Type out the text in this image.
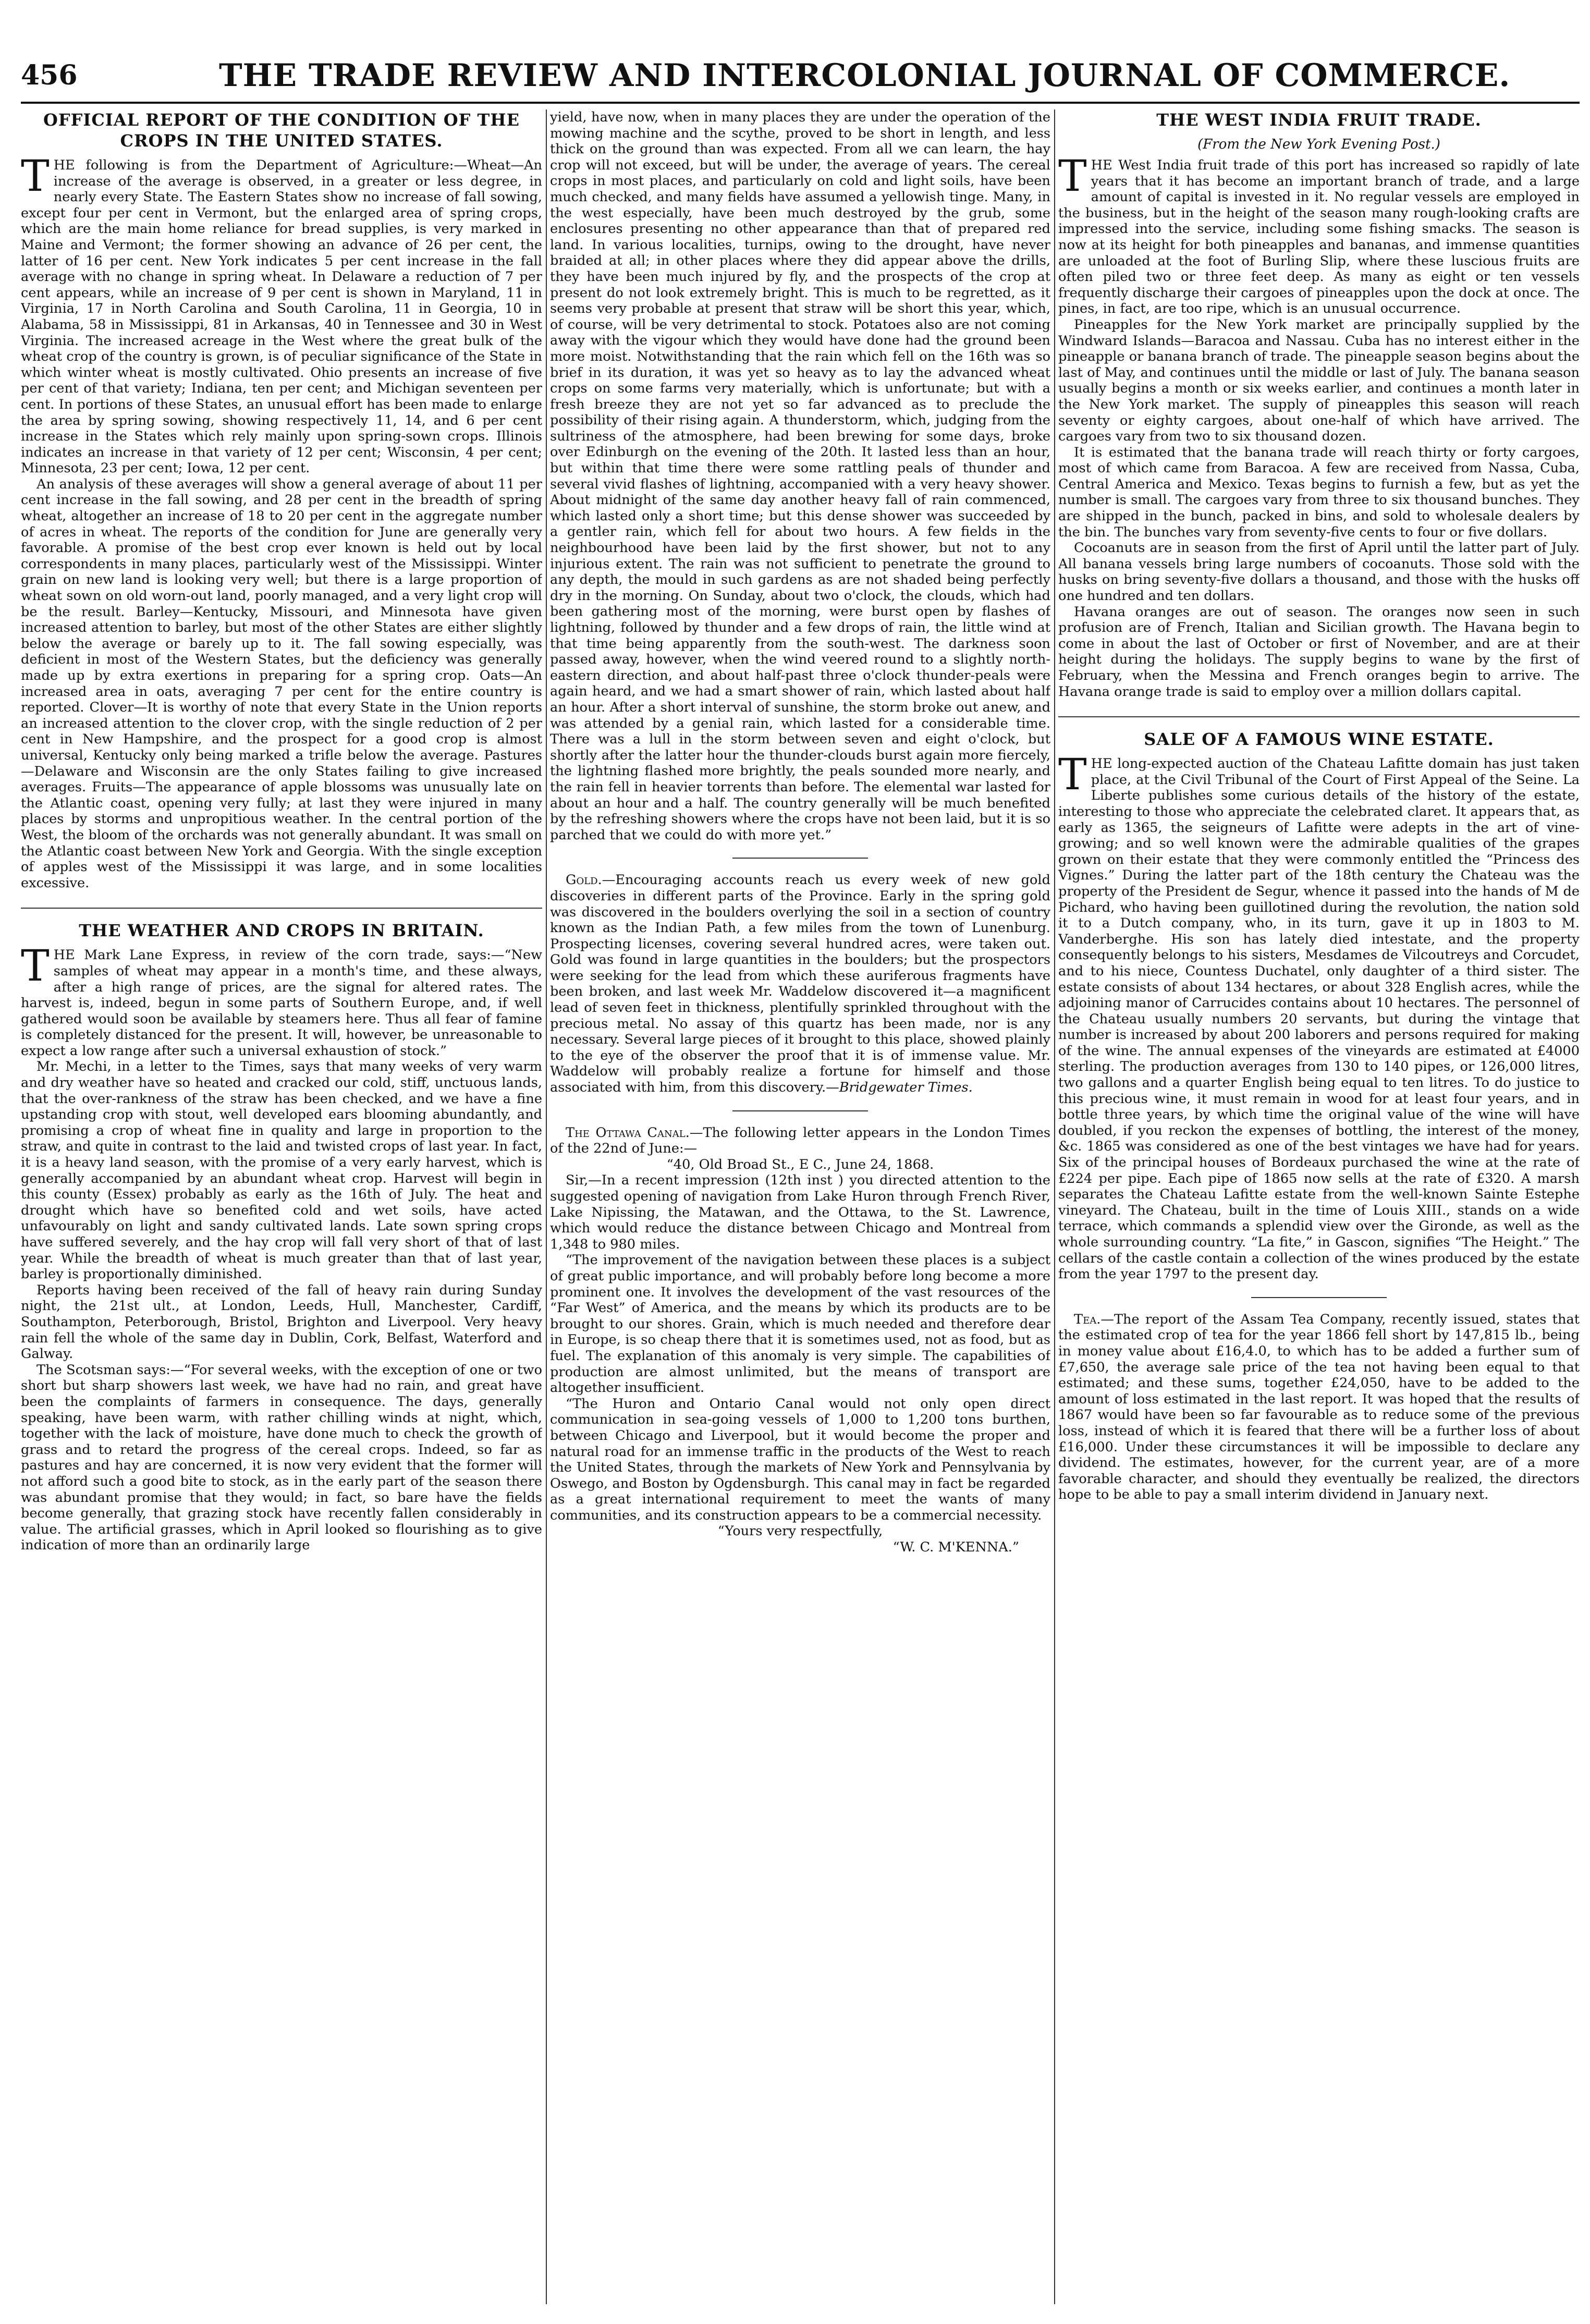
456	THE TRADE REVIEW AND INTERCOLONIAL JOURNAL OF COMMERCE.
OFFICIAL REPORT OF THE CONDITION OF THE CROPS IN THE UNITED STATES.

THE following is from the Department of Agriculture:—Wheat—An increase of the average is observed, in a greater or less degree, in nearly every State. The Eastern States show no increase of fall sowing, except four per cent in Vermont, but the enlarged area of spring crops, which are the main home reliance for bread supplies, is very marked in Maine and Vermont; the former showing an advance of 26 per cent, the latter of 16 per cent. New York indicates 5 per cent increase in the fall average with no change in spring wheat. In Delaware a reduction of 7 per cent appears, while an increase of 9 per cent is shown in Maryland, 11 in Virginia, 17 in North Carolina and South Carolina, 11 in Georgia, 10 in Alabama, 58 in Mississippi, 81 in Arkansas, 40 in Tennessee and 30 in West Virginia. The increased acreage in the West where the great bulk of the wheat crop of the country is grown, is of peculiar significance of the State in which winter wheat is mostly cultivated. Ohio presents an increase of five per cent of that variety; Indiana, ten per cent; and Michigan seventeen per cent. In portions of these States, an unusual effort has been made to enlarge the area by spring sowing, showing respectively 11, 14, and 6 per cent increase in the States which rely mainly upon spring-sown crops. Illinois indicates an increase in that variety of 12 per cent; Wisconsin, 4 per cent; Minnesota, 23 per cent; Iowa, 12 per cent.

An analysis of these averages will show a general average of about 11 per cent increase in the fall sowing, and 28 per cent in the breadth of spring wheat, altogether an increase of 18 to 20 per cent in the aggregate number of acres in wheat. The reports of the condition for June are generally very favorable. A promise of the best crop ever known is held out by local correspondents in many places, particularly west of the Mississippi. Winter grain on new land is looking very well; but there is a large proportion of wheat sown on old worn-out land, poorly managed, and a very light crop will be the result. Barley—Kentucky, Missouri, and Minnesota have given increased attention to barley, but most of the other States are either slightly below the average or barely up to it. The fall sowing especially, was deficient in most of the Western States, but the deficiency was generally made up by extra exertions in preparing for a spring crop. Oats—An increased area in oats, averaging 7 per cent for the entire country is reported. Clover—It is worthy of note that every State in the Union reports an increased attention to the clover crop, with the single reduction of 2 per cent in New Hampshire, and the prospect for a good crop is almost universal, Kentucky only being marked a trifle below the average. Pastures—Delaware and Wisconsin are the only States failing to give increased averages. Fruits—The appearance of apple blossoms was unusually late on the Atlantic coast, opening very fully; at last they were injured in many places by storms and unpropitious weather. In the central portion of the West, the bloom of the orchards was not generally abundant. It was small on the Atlantic coast between New York and Georgia. With the single exception of apples west of the Mississippi it was large, and in some localities excessive.

THE WEATHER AND CROPS IN BRITAIN.

THE Mark Lane Express, in review of the corn trade, says:—“New samples of wheat may appear in a month's time, and these always, after a high range of prices, are the signal for altered rates. The harvest is, indeed, begun in some parts of Southern Europe, and, if well gathered would soon be available by steamers here. Thus all fear of famine is completely distanced for the present. It will, however, be unreasonable to expect a low range after such a universal exhaustion of stock.”

Mr. Mechi, in a letter to the Times, says that many weeks of very warm and dry weather have so heated and cracked our cold, stiff, unctuous lands, that the over-rankness of the straw has been checked, and we have a fine upstanding crop with stout, well developed ears blooming abundantly, and promising a crop of wheat fine in quality and large in proportion to the straw, and quite in contrast to the laid and twisted crops of last year. In fact, it is a heavy land season, with the promise of a very early harvest, which is generally accompanied by an abundant wheat crop. Harvest will begin in this county (Essex) probably as early as the 16th of July. The heat and drought which have so benefited cold and wet soils, have acted unfavourably on light and sandy cultivated lands. Late sown spring crops have suffered severely, and the hay crop will fall very short of that of last year. While the breadth of wheat is much greater than that of last year, barley is proportionally diminished.

Reports having been received of the fall of heavy rain during Sunday night, the 21st ult., at London, Leeds, Hull, Manchester, Cardiff, Southampton, Peterborough, Bristol, Brighton and Liverpool. Very heavy rain fell the whole of the same day in Dublin, Cork, Belfast, Waterford and Galway.

The Scotsman says:—“For several weeks, with the exception of one or two short but sharp showers last week, we have had no rain, and great have been the complaints of farmers in consequence. The days, generally speaking, have been warm, with rather chilling winds at night, which, together with the lack of moisture, have done much to check the growth of grass and to retard the progress of the cereal crops. Indeed, so far as pastures and hay are concerned, it is now very evident that the former will not afford such a good bite to stock, as in the early part of the season there was abundant promise that they would; in fact, so bare have the fields become generally, that grazing stock have recently fallen considerably in value. The artificial grasses, which in April looked so flourishing as to give indication of more than an ordinarily large

yield, have now, when in many places they are under the operation of the mowing machine and the scythe, proved to be short in length, and less thick on the ground than was expected. From all we can learn, the hay crop will not exceed, but will be under, the average of years. The cereal crops in most places, and particularly on cold and light soils, have been much checked, and many fields have assumed a yellowish tinge. Many, in the west especially, have been much destroyed by the grub, some enclosures presenting no other appearance than that of prepared red land. In various localities, turnips, owing to the drought, have never braided at all; in other places where they did appear above the drills, they have been much injured by fly, and the prospects of the crop at present do not look extremely bright. This is much to be regretted, as it seems very probable at present that straw will be short this year, which, of course, will be very detrimental to stock. Potatoes also are not coming away with the vigour which they would have done had the ground been more moist. Notwithstanding that the rain which fell on the 16th was so brief in its duration, it was yet so heavy as to lay the advanced wheat crops on some farms very materially, which is unfortunate; but with a fresh breeze they are not yet so far advanced as to preclude the possibility of their rising again. A thunderstorm, which, judging from the sultriness of the atmosphere, had been brewing for some days, broke over Edinburgh on the evening of the 20th. It lasted less than an hour, but within that time there were some rattling peals of thunder and several vivid flashes of lightning, accompanied with a very heavy shower. About midnight of the same day another heavy fall of rain commenced, which lasted only a short time; but this dense shower was succeeded by a gentler rain, which fell for about two hours. A few fields in the neighbourhood have been laid by the first shower, but not to any injurious extent. The rain was not sufficient to penetrate the ground to any depth, the mould in such gardens as are not shaded being perfectly dry in the morning. On Sunday, about two o'clock, the clouds, which had been gathering most of the morning, were burst open by flashes of lightning, followed by thunder and a few drops of rain, the little wind at that time being apparently from the south-west. The darkness soon passed away, however, when the wind veered round to a slightly north-eastern direction, and about half-past three o'clock thunder-peals were again heard, and we had a smart shower of rain, which lasted about half an hour. After a short interval of sunshine, the storm broke out anew, and was attended by a genial rain, which lasted for a considerable time. There was a lull in the storm between seven and eight o'clock, but shortly after the latter hour the thunder-clouds burst again more fiercely, the lightning flashed more brightly, the peals sounded more nearly, and the rain fell in heavier torrents than before. The elemental war lasted for about an hour and a half. The country generally will be much benefited by the refreshing showers where the crops have not been laid, but it is so parched that we could do with more yet.”

Gold.—Encouraging accounts reach us every week of new gold discoveries in different parts of the Province. Early in the spring gold was discovered in the boulders overlying the soil in a section of country known as the Indian Path, a few miles from the town of Lunenburg. Prospecting licenses, covering several hundred acres, were taken out. Gold was found in large quantities in the boulders; but the prospectors were seeking for the lead from which these auriferous fragments have been broken, and last week Mr. Waddelow discovered it—a magnificent lead of seven feet in thickness, plentifully sprinkled throughout with the precious metal. No assay of this quartz has been made, nor is any necessary. Several large pieces of it brought to this place, showed plainly to the eye of the observer the proof that it is of immense value. Mr. Waddelow will probably realize a fortune for himself and those associated with him, from this discovery.—Bridgewater Times.

The Ottawa Canal.—The following letter appears in the London Times of the 22nd of June:—

“40, Old Broad St., E C., June 24, 1868.

Sir,—In a recent impression (12th inst ) you directed attention to the suggested opening of navigation from Lake Huron through French River, Lake Nipissing, the Matawan, and the Ottawa, to the St. Lawrence, which would reduce the distance between Chicago and Montreal from 1,348 to 980 miles.

“The improvement of the navigation between these places is a subject of great public importance, and will probably before long become a more prominent one. It involves the development of the vast resources of the “Far West” of America, and the means by which its products are to be brought to our shores. Grain, which is much needed and therefore dear in Europe, is so cheap there that it is sometimes used, not as food, but as fuel. The explanation of this anomaly is very simple. The capabilities of production are almost unlimited, but the means of transport are altogether insufficient.

“The Huron and Ontario Canal would not only open direct communication in sea-going vessels of 1,000 to 1,200 tons burthen, between Chicago and Liverpool, but it would become the proper and natural road for an immense traffic in the products of the West to reach the United States, through the markets of New York and Pennsylvania by Oswego, and Boston by Ogdensburgh. This canal may in fact be regarded as a great international requirement to meet the wants of many communities, and its construction appears to be a commercial necessity.

“Yours very respectfully,
“W. C. M'KENNA.”
THE WEST INDIA FRUIT TRADE.
(From the New York Evening Post.)

THE West India fruit trade of this port has increased so rapidly of late years that it has become an important branch of trade, and a large amount of capital is invested in it. No regular vessels are employed in the business, but in the height of the season many rough-looking crafts are impressed into the service, including some fishing smacks. The season is now at its height for both pineapples and bananas, and immense quantities are unloaded at the foot of Burling Slip, where these luscious fruits are often piled two or three feet deep. As many as eight or ten vessels frequently discharge their cargoes of pineapples upon the dock at once. The pines, in fact, are too ripe, which is an unusual occurrence.

Pineapples for the New York market are principally supplied by the Windward Islands—Baracoa and Nassau. Cuba has no interest either in the pineapple or banana branch of trade. The pineapple season begins about the last of May, and continues until the middle or last of July. The banana season usually begins a month or six weeks earlier, and continues a month later in the New York market. The supply of pineapples this season will reach seventy or eighty cargoes, about one-half of which have arrived. The cargoes vary from two to six thousand dozen.

It is estimated that the banana trade will reach thirty or forty cargoes, most of which came from Baracoa. A few are received from Nassa, Cuba, Central America and Mexico. Texas begins to furnish a few, but as yet the number is small. The cargoes vary from three to six thousand bunches. They are shipped in the bunch, packed in bins, and sold to wholesale dealers by the bin. The bunches vary from seventy-five cents to four or five dollars.

Cocoanuts are in season from the first of April until the latter part of July. All banana vessels bring large numbers of cocoanuts. Those sold with the husks on bring seventy-five dollars a thousand, and those with the husks off one hundred and ten dollars.

Havana oranges are out of season. The oranges now seen in such profusion are of French, Italian and Sicilian growth. The Havana begin to come in about the last of October or first of November, and are at their height during the holidays. The supply begins to wane by the first of February, when the Messina and French oranges begin to arrive. The Havana orange trade is said to employ over a million dollars capital.

SALE OF A FAMOUS WINE ESTATE.

THE long-expected auction of the Chateau Lafitte domain has just taken place, at the Civil Tribunal of the Court of First Appeal of the Seine. La Liberte publishes some curious details of the history of the estate, interesting to those who appreciate the celebrated claret. It appears that, as early as 1365, the seigneurs of Lafitte were adepts in the art of vine-growing; and so well known were the admirable qualities of the grapes grown on their estate that they were commonly entitled the “Princess des Vignes.” During the latter part of the 18th century the Chateau was the property of the President de Segur, whence it passed into the hands of M de Pichard, who having been guillotined during the revolution, the nation sold it to a Dutch company, who, in its turn, gave it up in 1803 to M. Vanderberghe. His son has lately died intestate, and the property consequently belongs to his sisters, Mesdames de Vilcoutreys and Corcudet, and to his niece, Countess Duchatel, only daughter of a third sister. The estate consists of about 134 hectares, or about 328 English acres, while the adjoining manor of Carrucides contains about 10 hectares. The personnel of the Chateau usually numbers 20 servants, but during the vintage that number is increased by about 200 laborers and persons required for making of the wine. The annual expenses of the vineyards are estimated at £4000 sterling. The production averages from 130 to 140 pipes, or 126,000 litres, two gallons and a quarter English being equal to ten litres. To do justice to this precious wine, it must remain in wood for at least four years, and in bottle three years, by which time the original value of the wine will have doubled, if you reckon the expenses of bottling, the interest of the money, &c. 1865 was considered as one of the best vintages we have had for years. Six of the principal houses of Bordeaux purchased the wine at the rate of £224 per pipe. Each pipe of 1865 now sells at the rate of £320. A marsh separates the Chateau Lafitte estate from the well-known Sainte Estephe vineyard. The Chateau, built in the time of Louis XIII., stands on a wide terrace, which commands a splendid view over the Gironde, as well as the whole surrounding country. “La fite,” in Gascon, signifies “The Height.” The cellars of the castle contain a collection of the wines produced by the estate from the year 1797 to the present day.

Tea.—The report of the Assam Tea Company, recently issued, states that the estimated crop of tea for the year 1866 fell short by 147,815 lb., being in money value about £16,4.0, to which has to be added a further sum of £7,650, the average sale price of the tea not having been equal to that estimated; and these sums, together £24,050, have to be added to the amount of loss estimated in the last report. It was hoped that the results of 1867 would have been so far favourable as to reduce some of the previous loss, instead of which it is feared that there will be a further loss of about £16,000. Under these circumstances it will be impossible to declare any dividend. The estimates, however, for the current year, are of a more favorable character, and should they eventually be realized, the directors hope to be able to pay a small interim dividend in January next.
